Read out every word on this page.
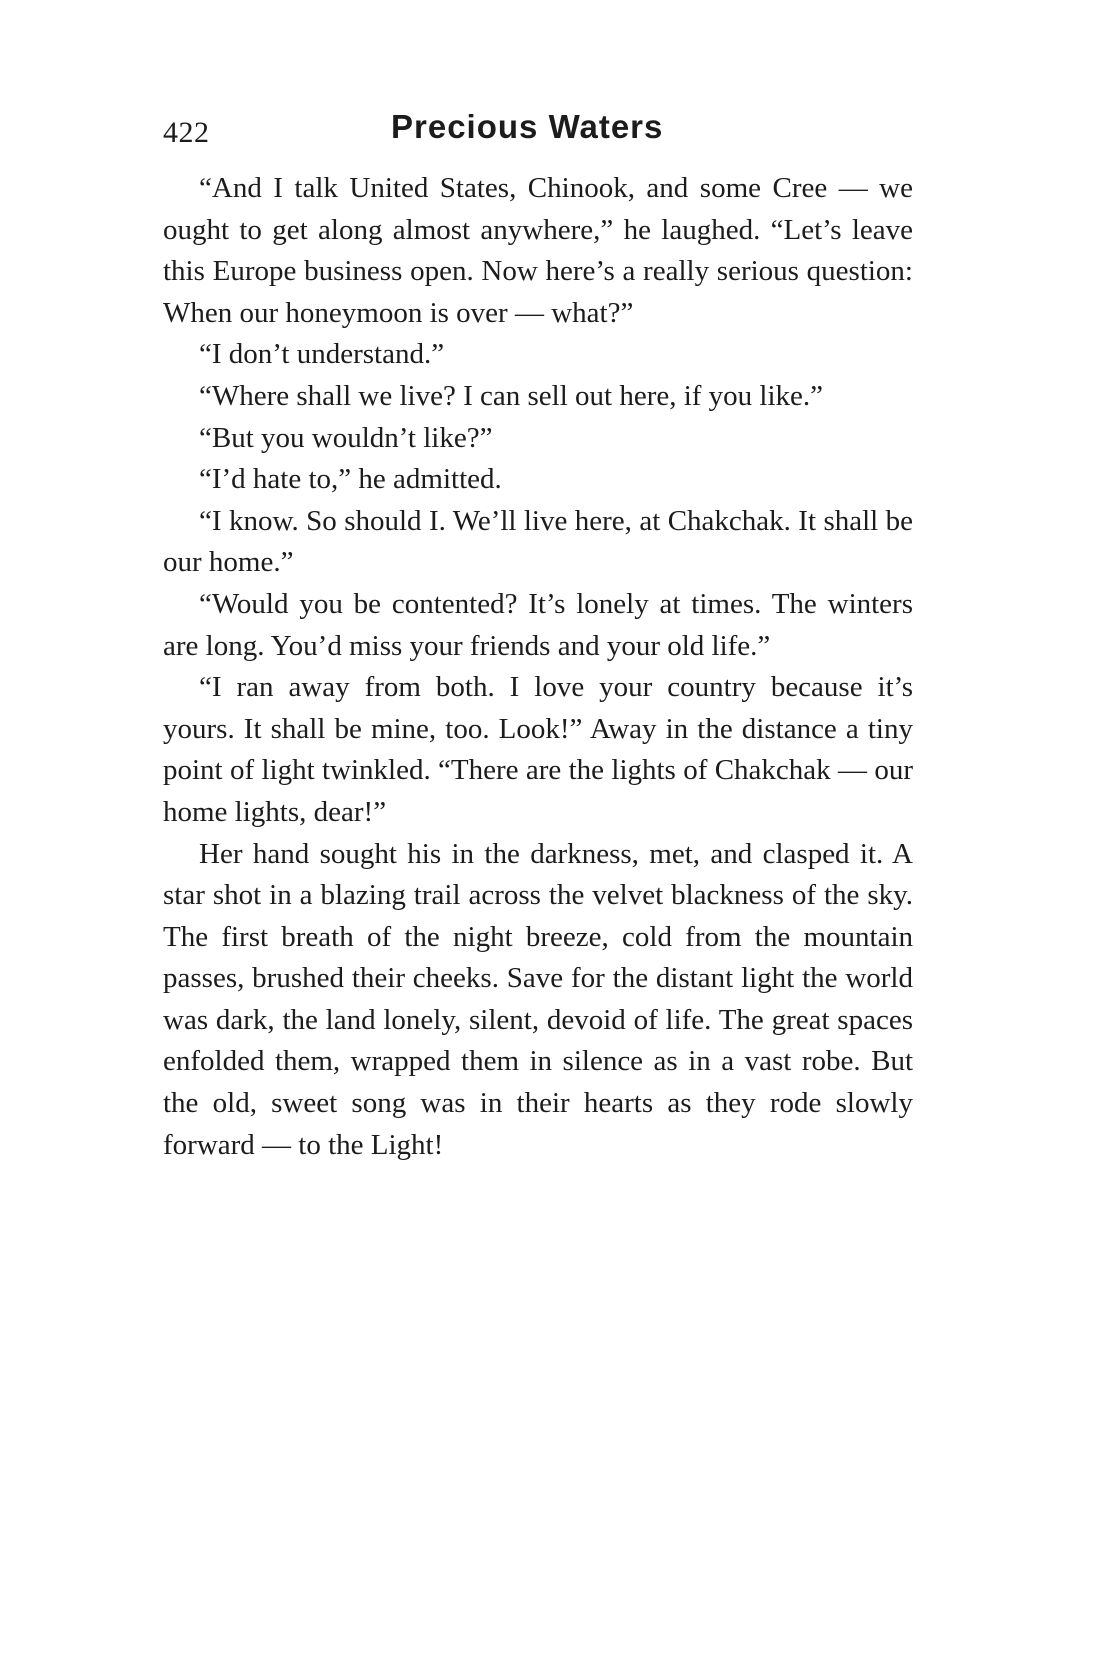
422	Precious Waters

“And I talk United States, Chinook, and some Cree — we ought to get along almost anywhere,” he laughed. “Let’s leave this Europe business open. Now here’s a really serious question: When our honeymoon is over — what?”

“I don’t understand.”

“Where shall we live? I can sell out here, if you like.”

“But you wouldn’t like?”

“I’d hate to,” he admitted.

“I know. So should I. We’ll live here, at Chakchak. It shall be our home.”

“Would you be contented? It’s lonely at times. The winters are long. You’d miss your friends and your old life.”

“I ran away from both. I love your country because it’s yours. It shall be mine, too. Look!” Away in the distance a tiny point of light twinkled. “There are the lights of Chakchak — our home lights, dear!”

Her hand sought his in the darkness, met, and clasped it. A star shot in a blazing trail across the velvet blackness of the sky. The first breath of the night breeze, cold from the mountain passes, brushed their cheeks. Save for the distant light the world was dark, the land lonely, silent, devoid of life. The great spaces enfolded them, wrapped them in silence as in a vast robe. But the old, sweet song was in their hearts as they rode slowly forward — to the Light!
